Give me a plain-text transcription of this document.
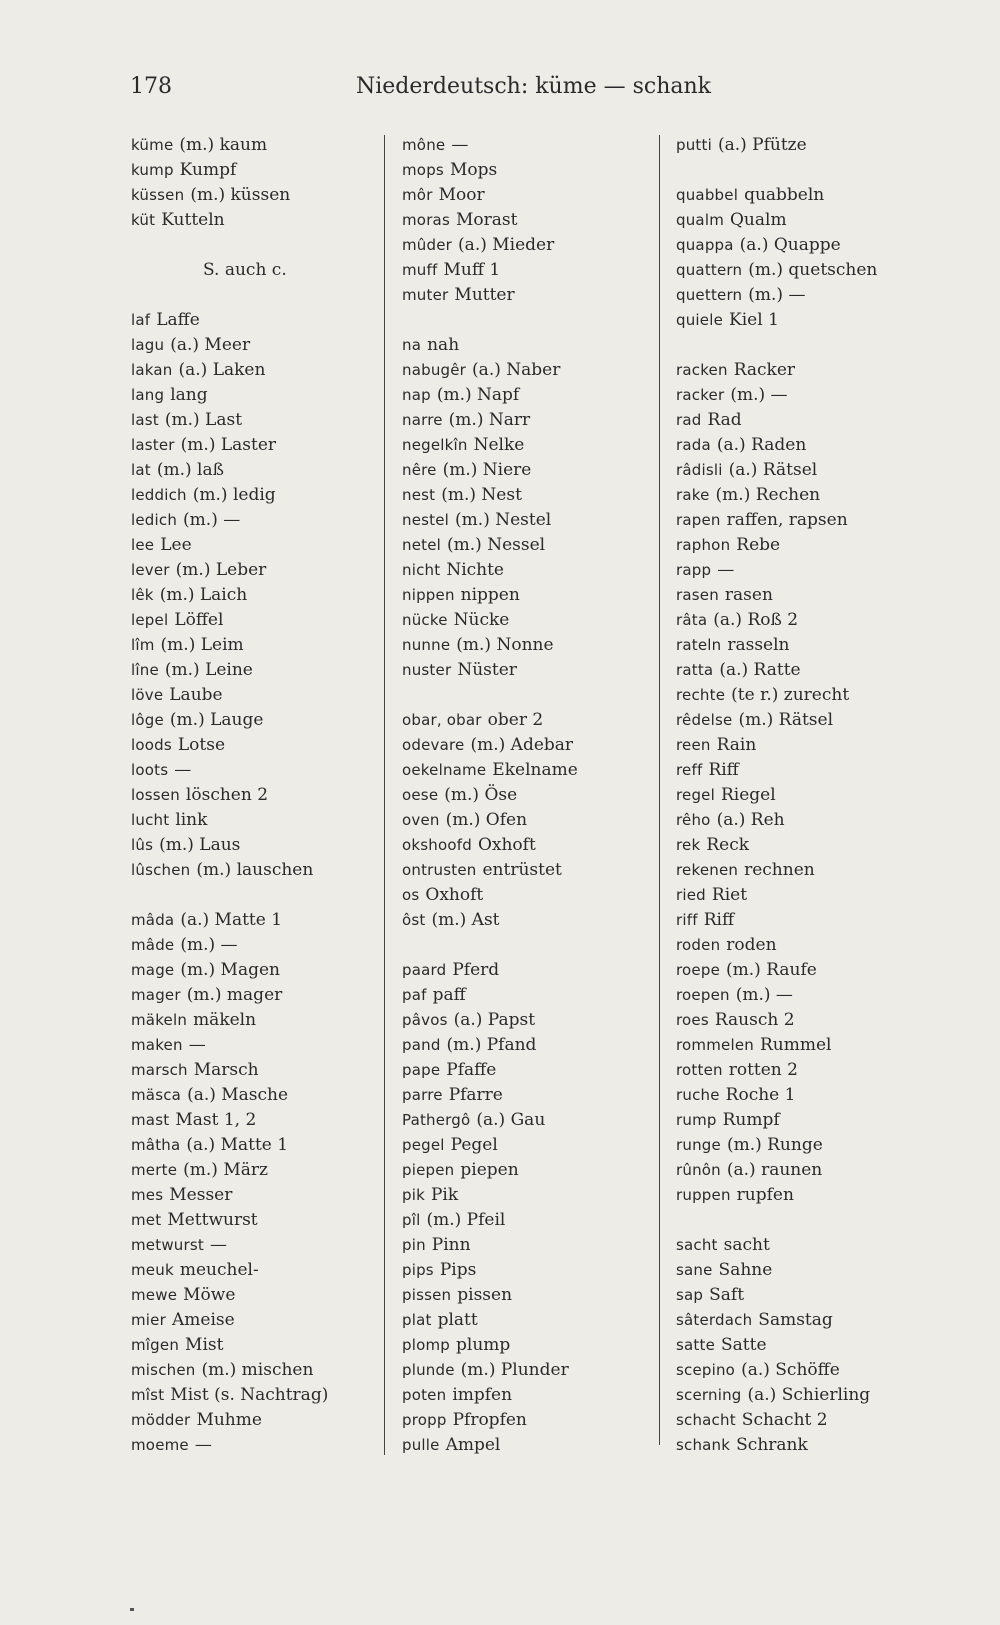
178	Niederdeutsch: küme — schank
küme (m.) kaum
kump Kumpf
küssen (m.) küssen
küt Kutteln
S. auch c.
laf Laffe
lagu (a.) Meer
lakan (a.) Laken
lang lang
last (m.) Last
laster (m.) Laster
lat (m.) laß
leddich (m.) ledig
ledich (m.) —
lee Lee
lever (m.) Leber
lêk (m.) Laich
lepel Löffel
lîm (m.) Leim
lîne (m.) Leine
löve Laube
lôge (m.) Lauge
loods Lotse
loots —
lossen löschen 2
lucht link
lûs (m.) Laus
lûschen (m.) lauschen
mâda (a.) Matte 1
mâde (m.) —
mage (m.) Magen
mager (m.) mager
mäkeln mäkeln
maken —
marsch Marsch
mäsca (a.) Masche
mast Mast 1, 2
mâtha (a.) Matte 1
merte (m.) März
mes Messer
met Mettwurst
metwurst —
meuk meuchel-
mewe Möwe
mier Ameise
mîgen Mist
mischen (m.) mischen
mîst Mist (s. Nachtrag)
mödder Muhme
moeme —
mône —
mops Mops
môr Moor
moras Morast
mûder (a.) Mieder
muff Muff 1
muter Mutter
na nah
nabugêr (a.) Naber
nap (m.) Napf
narre (m.) Narr
negelkîn Nelke
nêre (m.) Niere
nest (m.) Nest
nestel (m.) Nestel
netel (m.) Nessel
nicht Nichte
nippen nippen
nücke Nücke
nunne (m.) Nonne
nuster Nüster
obar, obar ober 2
odevare (m.) Adebar
oekelname Ekelname
oese (m.) Öse
oven (m.) Ofen
okshoofd Oxhoft
ontrusten entrüstet
os Oxhoft
ôst (m.) Ast
paard Pferd
paf paff
pâvos (a.) Papst
pand (m.) Pfand
pape Pfaffe
parre Pfarre
Pathergô (a.) Gau
pegel Pegel
piepen piepen
pik Pik
pîl (m.) Pfeil
pin Pinn
pips Pips
pissen pissen
plat platt
plomp plump
plunde (m.) Plunder
poten impfen
propp Pfropfen
pulle Ampel
putti (a.) Pfütze
quabbel quabbeln
qualm Qualm
quappa (a.) Quappe
quattern (m.) quetschen
quettern (m.) —
quiele Kiel 1
racken Racker
racker (m.) —
rad Rad
rada (a.) Raden
râdisli (a.) Rätsel
rake (m.) Rechen
rapen raffen, rapsen
raphon Rebe
rapp —
rasen rasen
râta (a.) Roß 2
rateln rasseln
ratta (a.) Ratte
rechte (te r.) zurecht
rêdelse (m.) Rätsel
reen Rain
reff Riff
regel Riegel
rêho (a.) Reh
rek Reck
rekenen rechnen
ried Riet
riff Riff
roden roden
roepe (m.) Raufe
roepen (m.) —
roes Rausch 2
rommelen Rummel
rotten rotten 2
ruche Roche 1
rump Rumpf
runge (m.) Runge
rûnôn (a.) raunen
ruppen rupfen
sacht sacht
sane Sahne
sap Saft
sâterdach Samstag
satte Satte
scepino (a.) Schöffe
scerning (a.) Schierling
schacht Schacht 2
schank Schrank
